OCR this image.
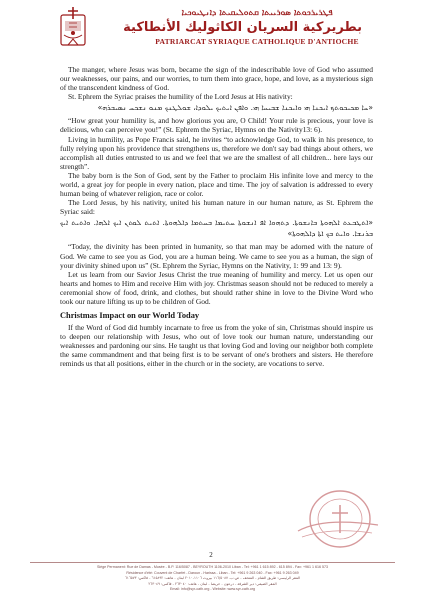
ܦܛܪܝܪܟܘܬܐ ܣܘܪܝܝܬܐ ܩܬܘܠܝܩܝܬܐ ܕܐܢܛܝܘܟܝܐ
بطريركية السريان الكاثوليك الأنطاكية
PATRIARCAT SYRIAQUE CATHOLIQUE D'ANTIOCHE

The manger, where Jesus was born, became the sign of the indescribable love of God who assumed our weaknesses, our pains, and our worries, to turn them into grace, hope, and love, as a mysterious sign of the transcendent kindness of God.

St. Ephrem the Syriac praises the humility of the Lord Jesus at His nativity:

«ܚܐ ܡܟܝܟܘܬܟ ܐܝܟܢܐ ܗܝ ܘܐܝܟܢܐ ܫܒܝܚܐ ܗܝ. ܘܐܦܢ ܐܝܬܝܟ ܝܠܘܕܐ، ܫܘܠܛܢܟ ܡܢܘ ܢܫܟܚ ܢܣܝܒܪܗ»

“How great your humility is, and how glorious you are, O Child! Your rule is precious, your love is delicious, who can perceive you!” (St. Ephrem the Syriac, Hymns on the Nativity13: 6).

Living in humility, as Pope Francis said, he invites “to acknowledge God, to walk in his presence, to fully relying upon his providence that strengthens us, therefore we don't say bad things about others, we accomplish all duties entrusted to us and we feel that we are the smallest of all children... here lays our strength”.

The baby born is the Son of God, sent by the Father to proclaim His infinite love and mercy to the world, a great joy for people in every nation, place and time. The joy of salvation is addressed to every human being of whatever religion, race or color.

The Lord Jesus, by his nativity, united his human nature in our human nature, as St. Ephrem the Syriac said:

«ܐܬܛܒܥܬ ܐܠܗܘܬܐ ܒܐܢܫܘܬܐ. ܕܬܗܘܐ ܐܦ ܐܢܫܘܬܐ ܚܬܝܡܐ ܒܚܬܡܐ ܕܐܠܗܘܬܐ. ܐܬܝܬ ܠܘܬܢ ܐܝܟ ܐܠܗܐ. ܘܐܬܝܬ ܐܝܟ ܒܪܢܫܐ. ܘܐܝܬ ܒܟ ܐܬܐ ܕܐܠܗܘܬܐ»

“Today, the divinity has been printed in humanity, so that man may be adorned with the nature of God. We came to see you as God, you are a human being. We came to see you as a human, the sign of your divinity shined upon us” (St. Ephrem the Syriac, Hymns on the Nativity, 1: 99 and 13: 9).

Let us learn from our Savior Jesus Christ the true meaning of humility and mercy. Let us open our hearts and homes to Him and receive Him with joy. Christmas season should not be reduced to merely a ceremonial show of food, drink, and clothes, but should rather shine in love to the Divine Word who took our nature lifting us up to be children of God.

Christmas Impact on our World Today

If the Word of God did humbly incarnate to free us from the yoke of sin, Christmas should inspire us to deepen our relationship with Jesus, who out of love took our human nature, understanding our weaknesses and pardoning our sins. He taught us that loving God and loving our neighbor both complete the same commandment and that being first is to be servant of one's brothers and sisters. He therefore reminds us that all positions, either in the church or in the society, are vocations to serve.

2
Siège Permanent: Rue de Damas - Musée - B.P. 116/5087 - BEYROUTH 1106-2010 Liban - Tel: +961 1 615 892 - 615 894 - Fax: +961 1 616 573
Résidence d'été: Couvent de Charfet - Daroun - Harissa - Liban - Tel: +961 9 263 040 - Fax: +961 9 263 049
المقر الرئيسي: طريق الشام - المتحف - ص.ب. ١١٦/٥٠٨٧ بيروت ١١٠٦-٢٠١٠ لبنان - هاتف: ٦١٥٨٩٢ - فاكس: ٦١٦٥٧٣
المقر الصيفي: دير الشرفة - درعون - حريصا - لبنان - هاتف: ٢٦٣٠٤٠ - فاكس: ٢٦٣٠٤٩
Email: info@syr-cath.org - Website: www.syr-cath.org
